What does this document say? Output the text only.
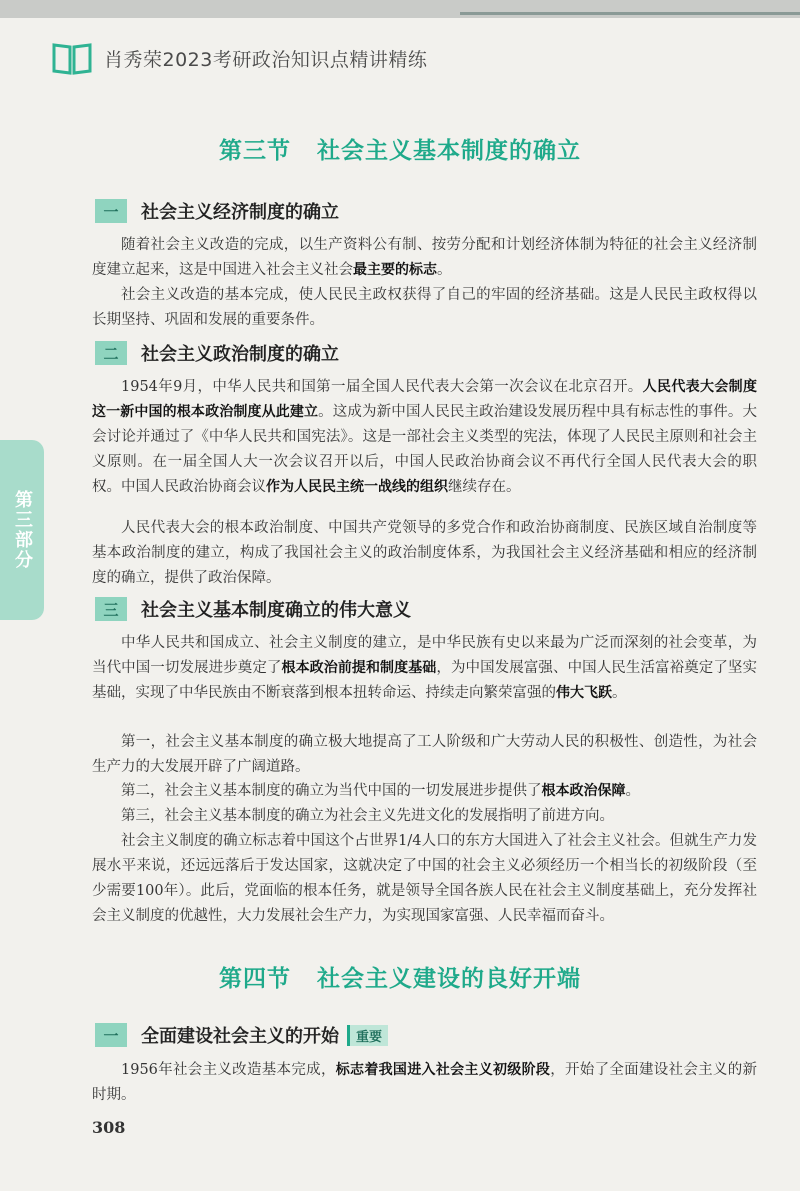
肖秀荣2023考研政治知识点精讲精练
第三部分
第三节 社会主义基本制度的确立
一	社会主义经济制度的确立
随着社会主义改造的完成，以生产资料公有制、按劳分配和计划经济体制为特征的社会主义经济制度建立起来，这是中国进入社会主义社会最主要的标志。
社会主义改造的基本完成，使人民民主政权获得了自己的牢固的经济基础。这是人民民主政权得以长期坚持、巩固和发展的重要条件。
二	社会主义政治制度的确立
1954年9月，中华人民共和国第一届全国人民代表大会第一次会议在北京召开。人民代表大会制度这一新中国的根本政治制度从此建立。这成为新中国人民民主政治建设发展历程中具有标志性的事件。大会讨论并通过了《中华人民共和国宪法》。这是一部社会主义类型的宪法，体现了人民民主原则和社会主义原则。在一届全国人大一次会议召开以后，中国人民政治协商会议不再代行全国人民代表大会的职权。中国人民政治协商会议作为人民民主统一战线的组织继续存在。
人民代表大会的根本政治制度、中国共产党领导的多党合作和政治协商制度、民族区域自治制度等基本政治制度的建立，构成了我国社会主义的政治制度体系，为我国社会主义经济基础和相应的经济制度的确立，提供了政治保障。
三	社会主义基本制度确立的伟大意义
中华人民共和国成立、社会主义制度的建立，是中华民族有史以来最为广泛而深刻的社会变革，为当代中国一切发展进步奠定了根本政治前提和制度基础，为中国发展富强、中国人民生活富裕奠定了坚实基础，实现了中华民族由不断衰落到根本扭转命运、持续走向繁荣富强的伟大飞跃。
第一，社会主义基本制度的确立极大地提高了工人阶级和广大劳动人民的积极性、创造性，为社会生产力的大发展开辟了广阔道路。
第二，社会主义基本制度的确立为当代中国的一切发展进步提供了根本政治保障。
第三，社会主义基本制度的确立为社会主义先进文化的发展指明了前进方向。
社会主义制度的确立标志着中国这个占世界1/4人口的东方大国进入了社会主义社会。但就生产力发展水平来说，还远远落后于发达国家，这就决定了中国的社会主义必须经历一个相当长的初级阶段（至少需要100年）。此后，党面临的根本任务，就是领导全国各族人民在社会主义制度基础上，充分发挥社会主义制度的优越性，大力发展社会生产力，为实现国家富强、人民幸福而奋斗。
第四节 社会主义建设的良好开端
一	全面建设社会主义的开始	重要
1956年社会主义改造基本完成，标志着我国进入社会主义初级阶段，开始了全面建设社会主义的新时期。
308
